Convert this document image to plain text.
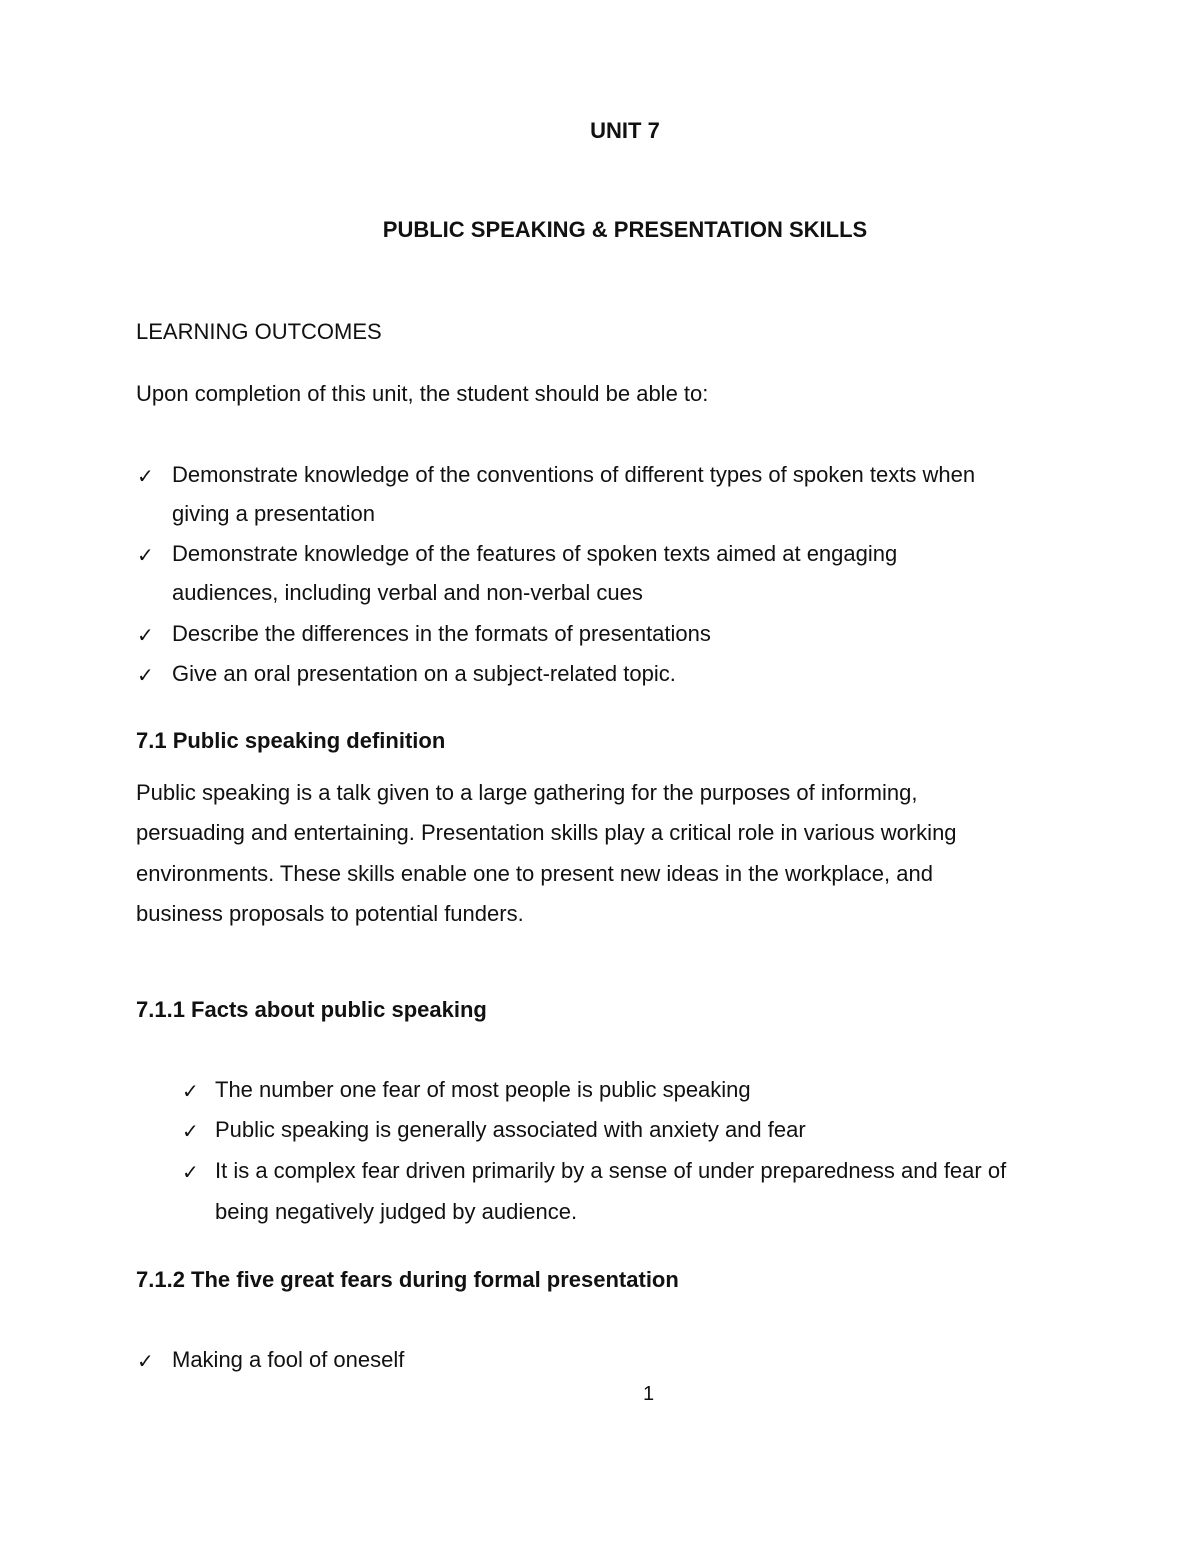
UNIT 7
PUBLIC SPEAKING & PRESENTATION SKILLS
LEARNING OUTCOMES
Upon completion of this unit, the student should be able to:
✓ Demonstrate knowledge of the conventions of different types of spoken texts when
giving a presentation
✓ Demonstrate knowledge of the features of spoken texts aimed at engaging
audiences, including verbal and non-verbal cues
✓ Describe the differences in the formats of presentations
✓ Give an oral presentation on a subject-related topic.
7.1 Public speaking definition
Public speaking is a talk given to a large gathering for the purposes of informing,
persuading and entertaining. Presentation skills play a critical role in various working
environments. These skills enable one to present new ideas in the workplace, and
business proposals to potential funders.
7.1.1 Facts about public speaking
✓ The number one fear of most people is public speaking
✓ Public speaking is generally associated with anxiety and fear
✓ It is a complex fear driven primarily by a sense of under preparedness and fear of
being negatively judged by audience.
7.1.2 The five great fears during formal presentation
✓ Making a fool of oneself
1
